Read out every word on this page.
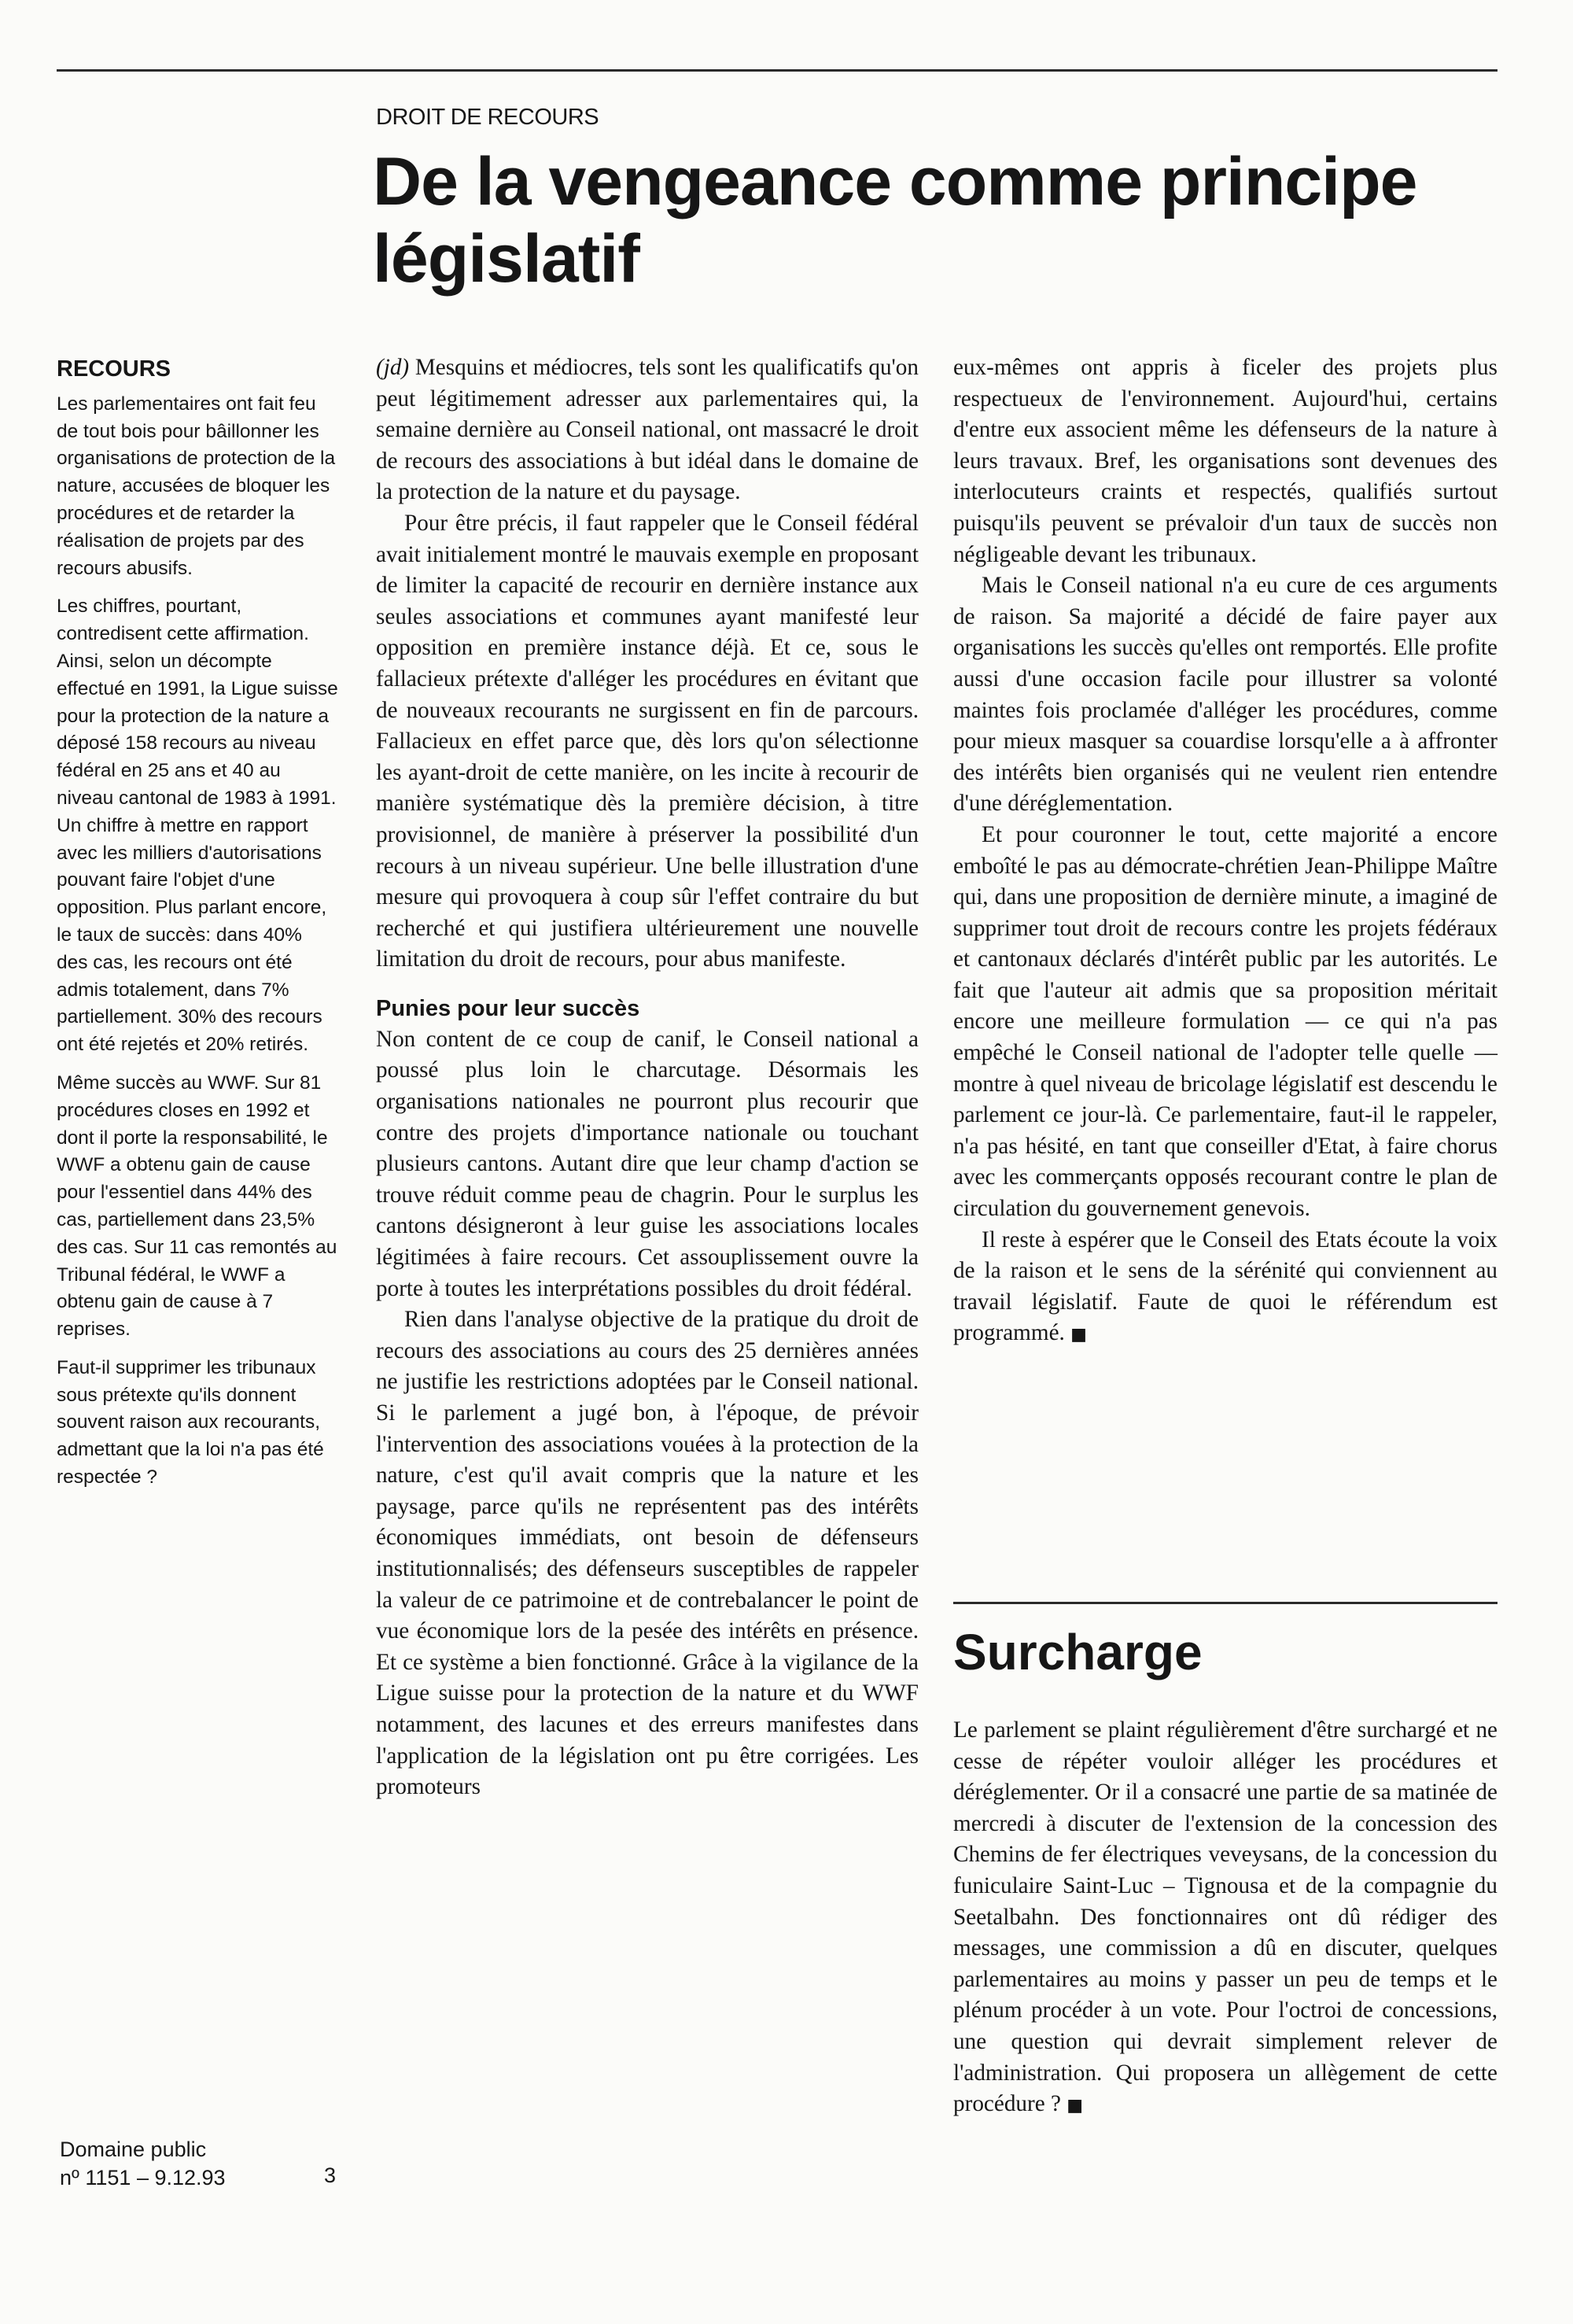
DROIT DE RECOURS
De la vengeance comme principe législatif
RECOURS

Les parlementaires ont fait feu de tout bois pour bâillonner les organisations de protection de la nature, accusées de bloquer les procédures et de retarder la réalisation de projets par des recours abusifs.

Les chiffres, pourtant, contredisent cette affirmation. Ainsi, selon un décompte effectué en 1991, la Ligue suisse pour la protection de la nature a déposé 158 recours au niveau fédéral en 25 ans et 40 au niveau cantonal de 1983 à 1991. Un chiffre à mettre en rapport avec les milliers d'autorisations pouvant faire l'objet d'une opposition. Plus parlant encore, le taux de succès: dans 40% des cas, les recours ont été admis totalement, dans 7% partiellement. 30% des recours ont été rejetés et 20% retirés.

Même succès au WWF. Sur 81 procédures closes en 1992 et dont il porte la responsabilité, le WWF a obtenu gain de cause pour l'essentiel dans 44% des cas, partiellement dans 23,5% des cas. Sur 11 cas remontés au Tribunal fédéral, le WWF a obtenu gain de cause à 7 reprises.

Faut-il supprimer les tribunaux sous prétexte qu'ils donnent souvent raison aux recourants, admettant que la loi n'a pas été respectée ?

(jd) Mesquins et médiocres, tels sont les qualificatifs qu'on peut légitimement adresser aux parlementaires qui, la semaine dernière au Conseil national, ont massacré le droit de recours des associations à but idéal dans le domaine de la protection de la nature et du paysage.

Pour être précis, il faut rappeler que le Conseil fédéral avait initialement montré le mauvais exemple en proposant de limiter la capacité de recourir en dernière instance aux seules associations et communes ayant manifesté leur opposition en première instance déjà. Et ce, sous le fallacieux prétexte d'alléger les procédures en évitant que de nouveaux recourants ne surgissent en fin de parcours. Fallacieux en effet parce que, dès lors qu'on sélectionne les ayant-droit de cette manière, on les incite à recourir de manière systématique dès la première décision, à titre provisionnel, de manière à préserver la possibilité d'un recours à un niveau supérieur. Une belle illustration d'une mesure qui provoquera à coup sûr l'effet contraire du but recherché et qui justifiera ultérieurement une nouvelle limitation du droit de recours, pour abus manifeste.

Punies pour leur succès

Non content de ce coup de canif, le Conseil national a poussé plus loin le charcutage. Désormais les organisations nationales ne pourront plus recourir que contre des projets d'importance nationale ou touchant plusieurs cantons. Autant dire que leur champ d'action se trouve réduit comme peau de chagrin. Pour le surplus les cantons désigneront à leur guise les associations locales légitimées à faire recours. Cet assouplissement ouvre la porte à toutes les interprétations possibles du droit fédéral.

Rien dans l'analyse objective de la pratique du droit de recours des associations au cours des 25 dernières années ne justifie les restrictions adoptées par le Conseil national. Si le parlement a jugé bon, à l'époque, de prévoir l'intervention des associations vouées à la protection de la nature, c'est qu'il avait compris que la nature et les paysage, parce qu'ils ne représentent pas des intérêts économiques immédiats, ont besoin de défenseurs institutionnalisés; des défenseurs susceptibles de rappeler la valeur de ce patrimoine et de contrebalancer le point de vue économique lors de la pesée des intérêts en présence. Et ce système a bien fonctionné. Grâce à la vigilance de la Ligue suisse pour la protection de la nature et du WWF notamment, des lacunes et des erreurs manifestes dans l'application de la législation ont pu être corrigées. Les promoteurs

eux-mêmes ont appris à ficeler des projets plus respectueux de l'environnement. Aujourd'hui, certains d'entre eux associent même les défenseurs de la nature à leurs travaux. Bref, les organisations sont devenues des interlocuteurs craints et respectés, qualifiés surtout puisqu'ils peuvent se prévaloir d'un taux de succès non négligeable devant les tribunaux.

Mais le Conseil national n'a eu cure de ces arguments de raison. Sa majorité a décidé de faire payer aux organisations les succès qu'elles ont remportés. Elle profite aussi d'une occasion facile pour illustrer sa volonté maintes fois proclamée d'alléger les procédures, comme pour mieux masquer sa couardise lorsqu'elle a à affronter des intérêts bien organisés qui ne veulent rien entendre d'une déréglementation.

Et pour couronner le tout, cette majorité a encore emboîté le pas au démocrate-chrétien Jean-Philippe Maître qui, dans une proposition de dernière minute, a imaginé de supprimer tout droit de recours contre les projets fédéraux et cantonaux déclarés d'intérêt public par les autorités. Le fait que l'auteur ait admis que sa proposition méritait encore une meilleure formulation — ce qui n'a pas empêché le Conseil national de l'adopter telle quelle — montre à quel niveau de bricolage législatif est descendu le parlement ce jour-là. Ce parlementaire, faut-il le rappeler, n'a pas hésité, en tant que conseiller d'Etat, à faire chorus avec les commerçants opposés recourant contre le plan de circulation du gouvernement genevois.

Il reste à espérer que le Conseil des Etats écoute la voix de la raison et le sens de la sérénité qui conviennent au travail législatif. Faute de quoi le référendum est programmé. ■

Surcharge

Le parlement se plaint régulièrement d'être surchargé et ne cesse de répéter vouloir alléger les procédures et déréglementer. Or il a consacré une partie de sa matinée de mercredi à discuter de l'extension de la concession des Chemins de fer électriques veveysans, de la concession du funiculaire Saint-Luc – Tignousa et de la compagnie du Seetalbahn. Des fonctionnaires ont dû rédiger des messages, une commission a dû en discuter, quelques parlementaires au moins y passer un peu de temps et le plénum procéder à un vote. Pour l'octroi de concessions, une question qui devrait simplement relever de l'administration. Qui proposera un allègement de cette procédure ? ■

Domaine public
nº 1151 – 9.12.93	3
